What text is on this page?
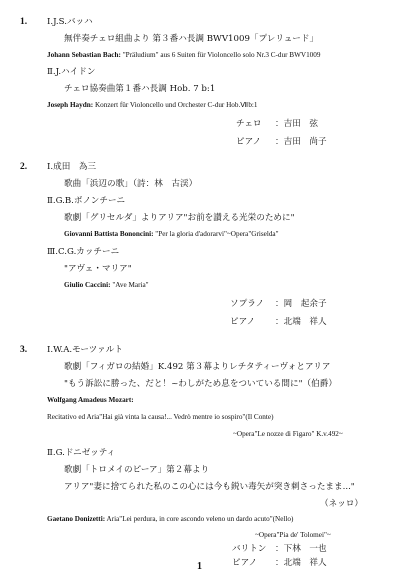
1. Ⅰ.J.S.バッハ
無伴奏チェロ組曲より 第３番ハ長調 BWV1009「プレリュード」
Johann Sebastian Bach: "Präludium" aus 6 Suiten für Violoncello solo Nr.3 C-dur BWV1009
Ⅱ.J.ハイドン
チェロ協奏曲第１番ハ長調 Hob. 7 b:1
Joseph Haydn: Konzert für Violoncello und Orchester C-dur Hob.Ⅶb:1
チェロ ：吉田　弦
ピアノ ：吉田　尚子
2. Ⅰ.成田　為三
歌曲「浜辺の歌」（詩：林　古渓）
Ⅱ.G.B.ボノンチーニ
歌劇「グリセルダ」よりアリア"お前を讃える光栄のために"
Giovanni Battista Bononcini: "Per la gloria d'adorarvi"~Opera"Griselda"
Ⅲ.C.G.カッチーニ
"アヴェ・マリア"
Giulio Caccini: "Ave Maria"
ソプラノ ：岡　起余子
ピアノ ：北端　祥人
3. Ⅰ.W.A.モーツァルト
歌劇「フィガロの結婚」K.492 第３幕よりレチタティーヴォとアリア
"もう訴訟に勝った、だと！~わしがため息をついている間に"（伯爵）
Wolfgang Amadeus Mozart:
Recitativo ed Aria"Hai già vinta la causa!... Vedrò mentre io sospiro"(Il Conte)
~Opera"Le nozze di Figaro" K.v.492~
Ⅱ.G.ドニゼッティ
歌劇「トロメイのピーア」第２幕より
アリア"妻に捨てられた私のこの心には今も鋭い毒矢が突き刺さったまま..."
（ネッロ）
Gaetano Donizetti: Aria"Lei perdura, in core ascondo veleno un dardo acuto"(Nello)
~Opera"Pia de' Tolomei"~
バリトン ：下林　一也
ピアノ ：北端　祥人
1
